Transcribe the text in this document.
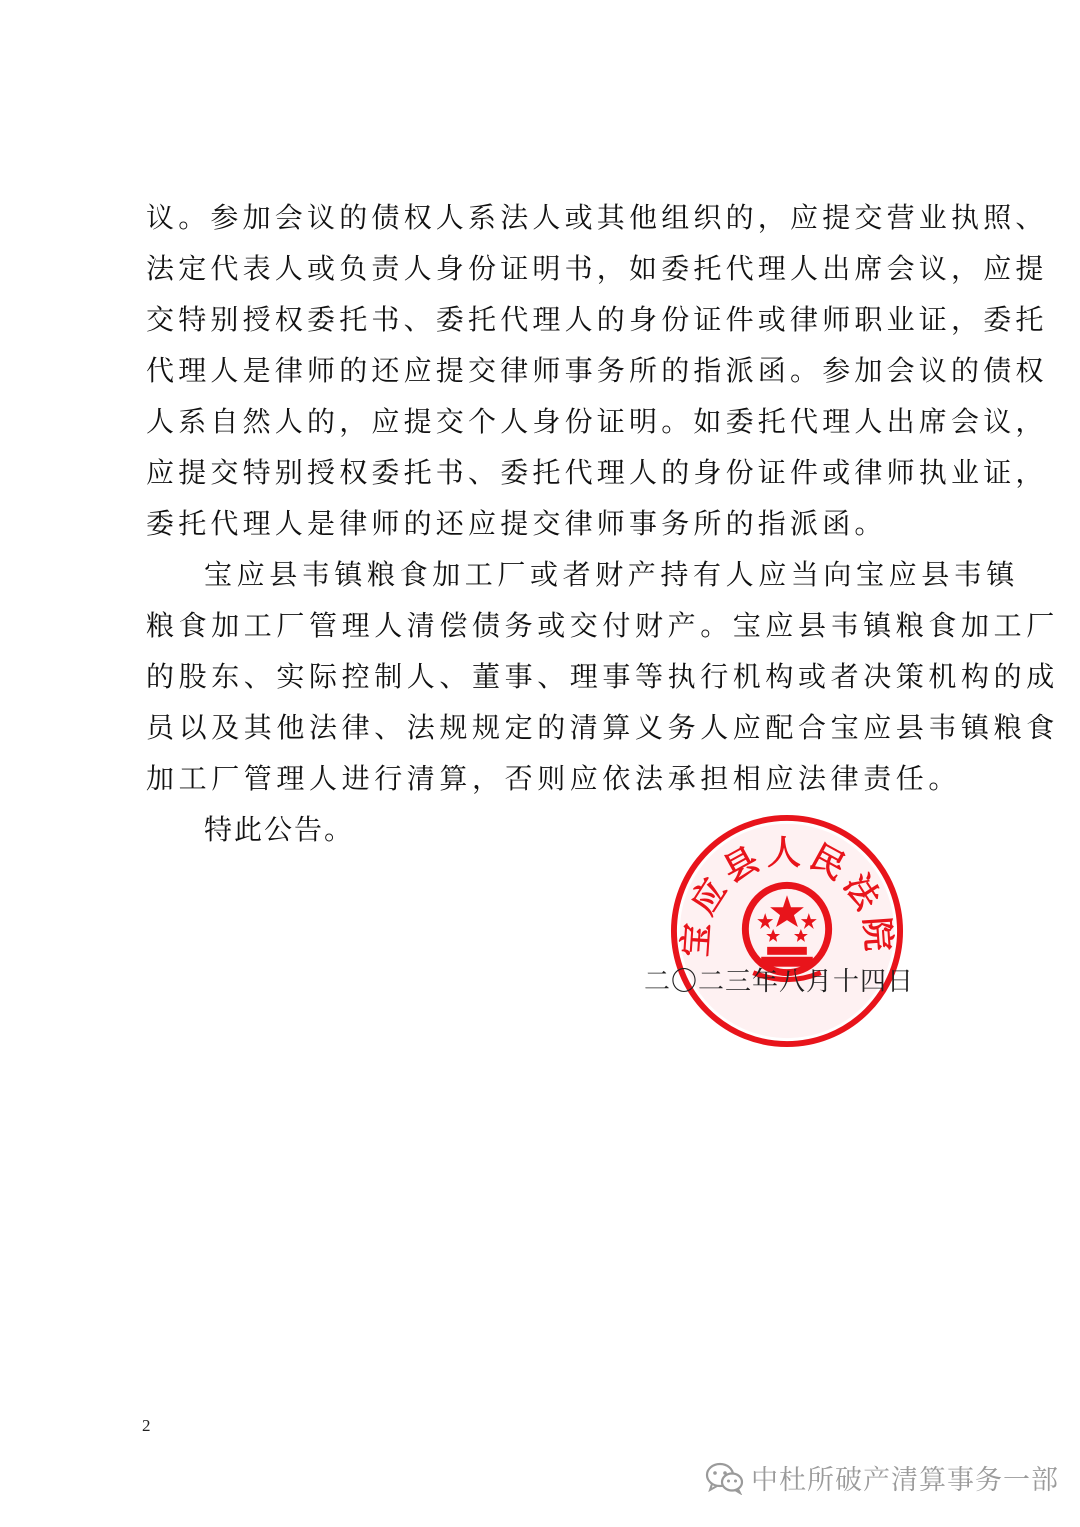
议。参加会议的债权人系法人或其他组织的，应提交营业执照、
法定代表人或负责人身份证明书，如委托代理人出席会议，应提
交特别授权委托书、委托代理人的身份证件或律师职业证，委托
代理人是律师的还应提交律师事务所的指派函。参加会议的债权
人系自然人的，应提交个人身份证明。如委托代理人出席会议，
应提交特别授权委托书、委托代理人的身份证件或律师执业证，
委托代理人是律师的还应提交律师事务所的指派函。
宝应县韦镇粮食加工厂或者财产持有人应当向宝应县韦镇
粮食加工厂管理人清偿债务或交付财产。宝应县韦镇粮食加工厂
的股东、实际控制人、董事、理事等执行机构或者决策机构的成
员以及其他法律、法规规定的清算义务人应配合宝应县韦镇粮食
加工厂管理人进行清算，否则应依法承担相应法律责任。
特此公告。
宝应县人民法院
二〇二三年八月十四日
2
中杜所破产清算事务一部
